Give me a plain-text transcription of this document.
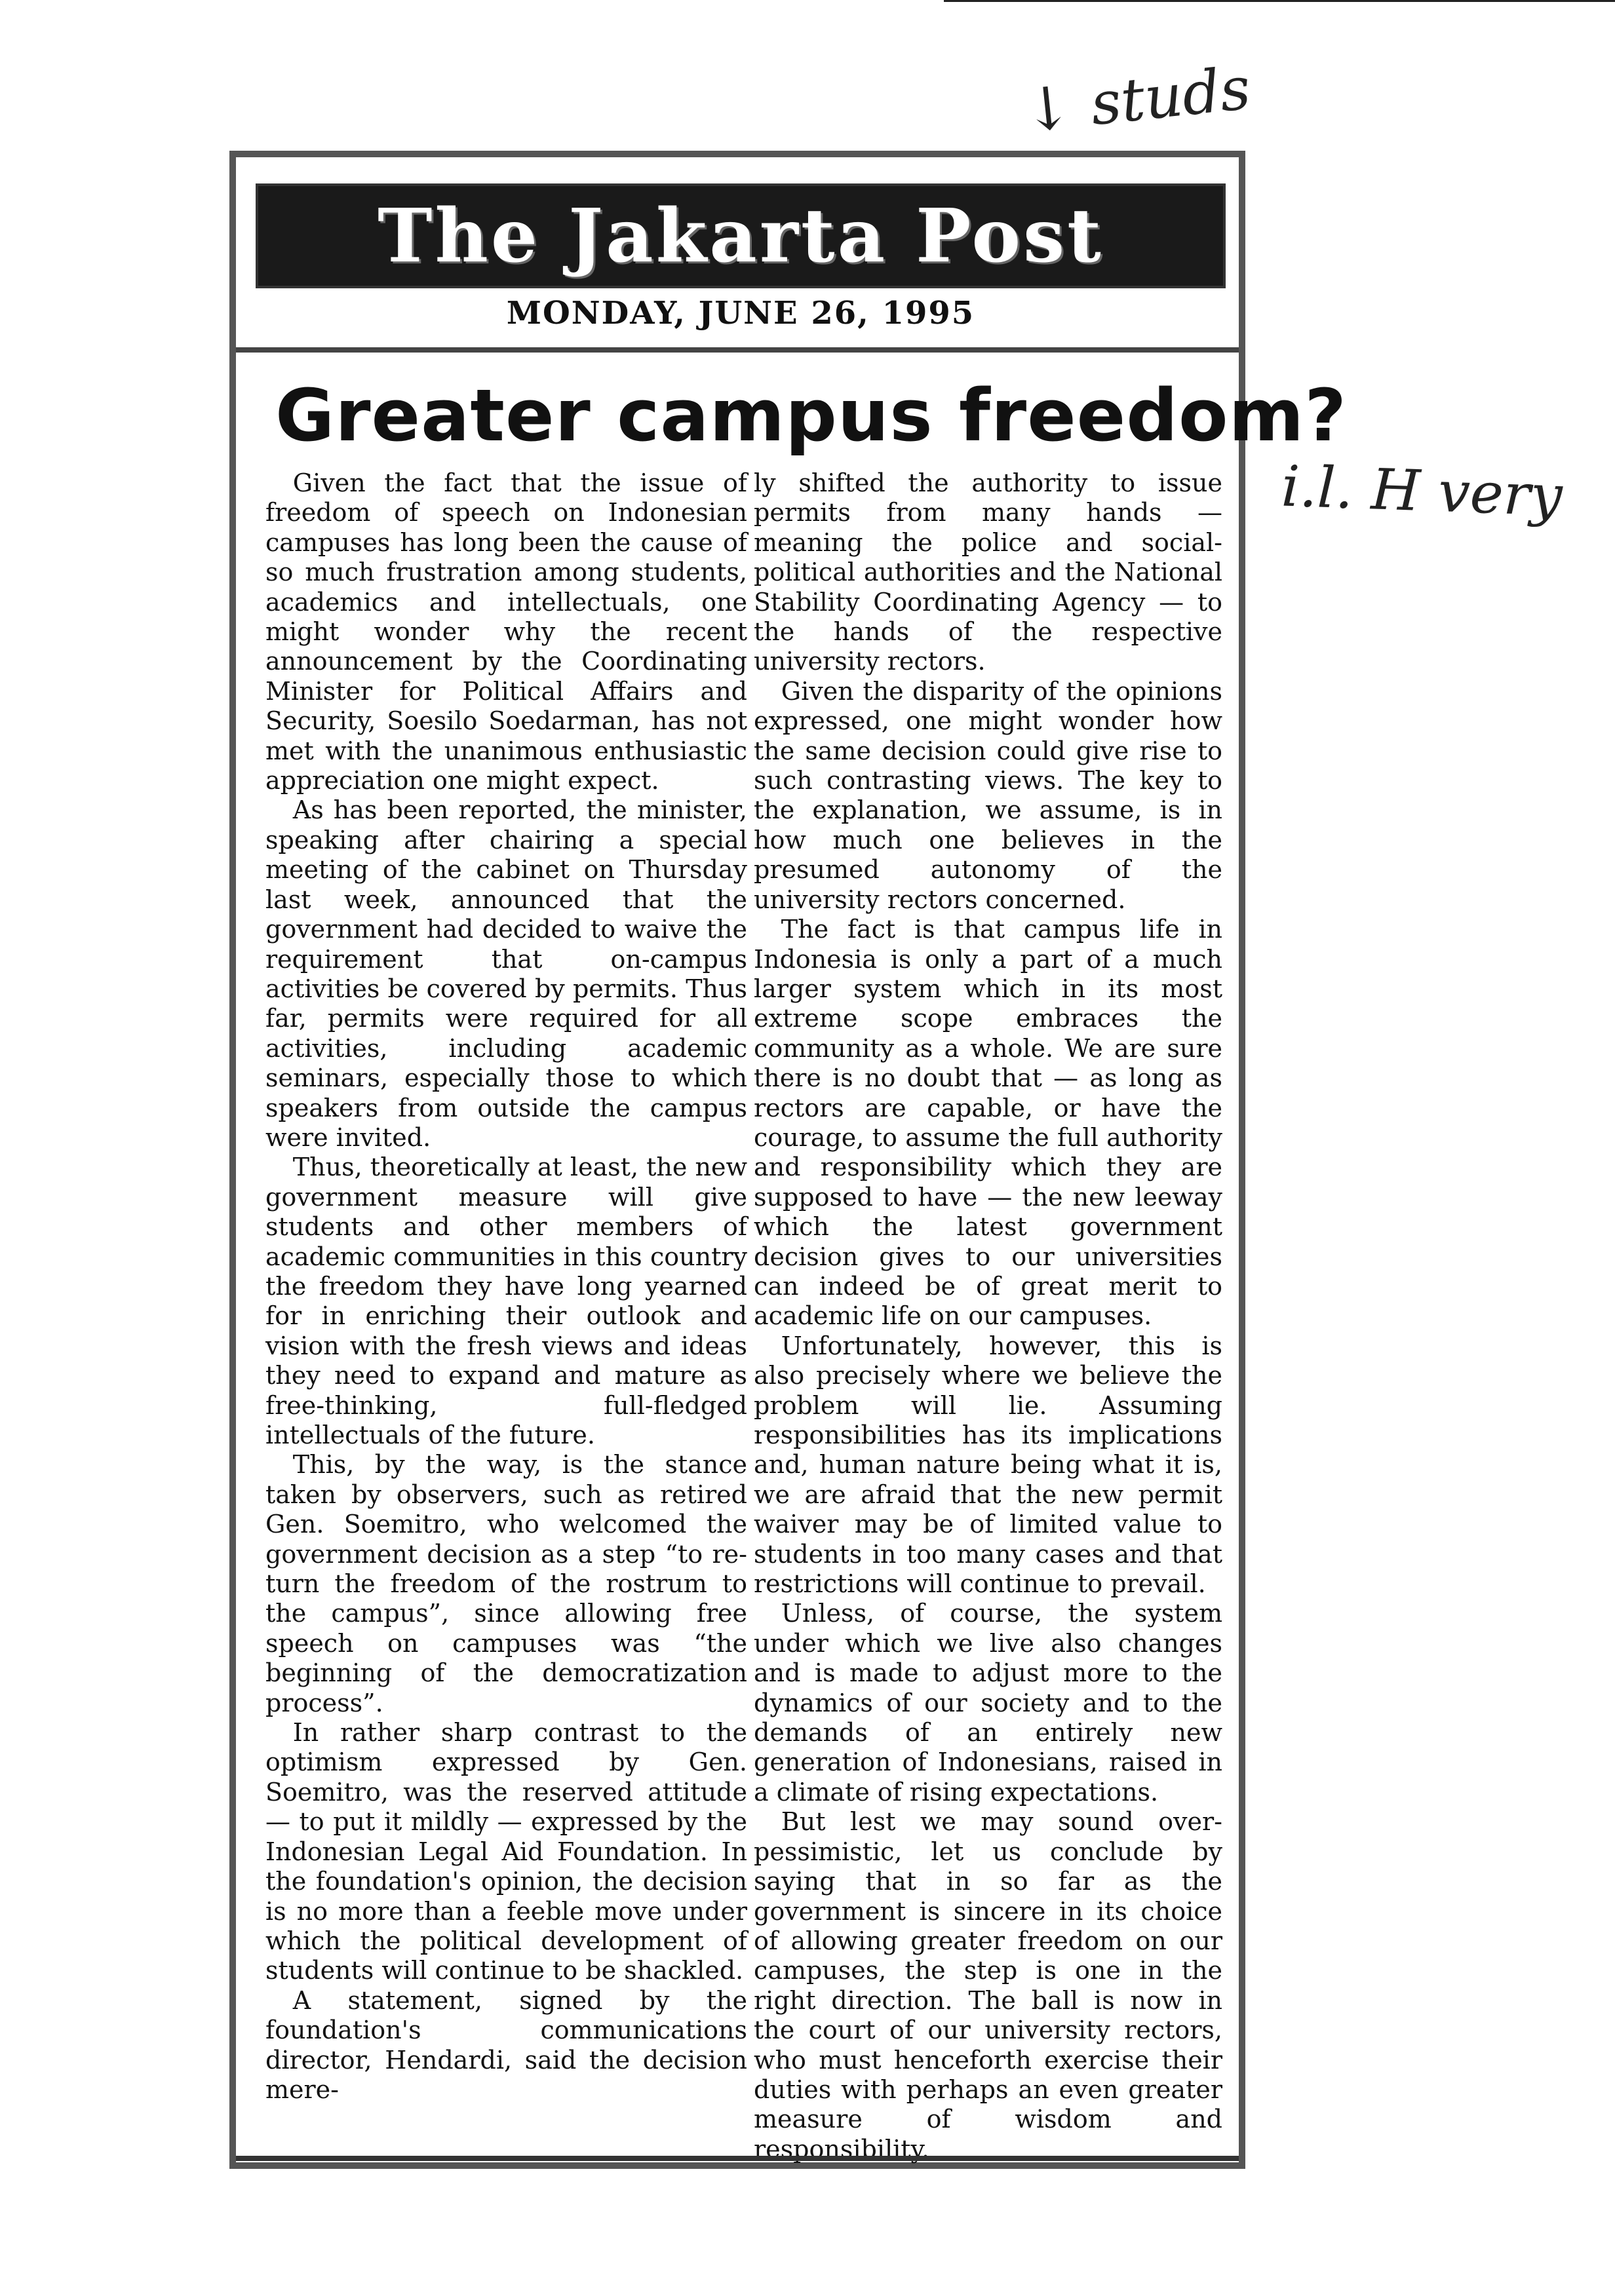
↓ studs
i.l. H very
The Jakarta Post
MONDAY, JUNE 26, 1995
Greater campus freedom?

Given the fact that the issue of freedom of speech on Indonesian campuses has long been the cause of so much frustration among students, academics and intellectuals, one might wonder why the recent announcement by the Coordinating Minister for Political Affairs and Security, Soesilo Soedarman, has not met with the unanimous enthusiastic appreciation one might expect.

As has been reported, the minister, speaking after chairing a special meeting of the cabinet on Thursday last week, announced that the government had decided to waive the requirement that on-campus activities be covered by permits. Thus far, permits were required for all activities, including academic seminars, especially those to which speakers from outside the campus were invited.

Thus, theoretically at least, the new government measure will give students and other members of academic communities in this country the freedom they have long yearned for in enriching their outlook and vision with the fresh views and ideas they need to expand and mature as free-thinking, full-fledged intellectuals of the future.

This, by the way, is the stance taken by observers, such as retired Gen. Soemitro, who welcomed the government decision as a step “to re-turn the freedom of the rostrum to the campus”, since allowing free speech on campuses was “the beginning of the democratization process”.

In rather sharp contrast to the optimism expressed by Gen. Soemitro, was the reserved attitude — to put it mildly — expressed by the Indonesian Legal Aid Foundation. In the foundation's opinion, the decision is no more than a feeble move under which the political development of students will continue to be shackled.

A statement, signed by the foundation's communications director, Hendardi, said the decision mere-

ly shifted the authority to issue permits from many hands — meaning the police and social-political authorities and the National Stability Coordinating Agency — to the hands of the respective university rectors.

Given the disparity of the opinions expressed, one might wonder how the same decision could give rise to such contrasting views. The key to the explanation, we assume, is in how much one believes in the presumed autonomy of the university rectors concerned.

The fact is that campus life in Indonesia is only a part of a much larger system which in its most extreme scope embraces the community as a whole. We are sure there is no doubt that — as long as rectors are capable, or have the courage, to assume the full authority and responsibility which they are supposed to have — the new leeway which the latest government decision gives to our universities can indeed be of great merit to academic life on our campuses.

Unfortunately, however, this is also precisely where we believe the problem will lie. Assuming responsibilities has its implications and, human nature being what it is, we are afraid that the new permit waiver may be of limited value to students in too many cases and that restrictions will continue to prevail.

Unless, of course, the system under which we live also changes and is made to adjust more to the dynamics of our society and to the demands of an entirely new generation of Indonesians, raised in a climate of rising expectations.

But lest we may sound over-pessimistic, let us conclude by saying that in so far as the government is sincere in its choice of allowing greater freedom on our campuses, the step is one in the right direction. The ball is now in the court of our university rectors, who must henceforth exercise their duties with perhaps an even greater measure of wisdom and responsibility.
